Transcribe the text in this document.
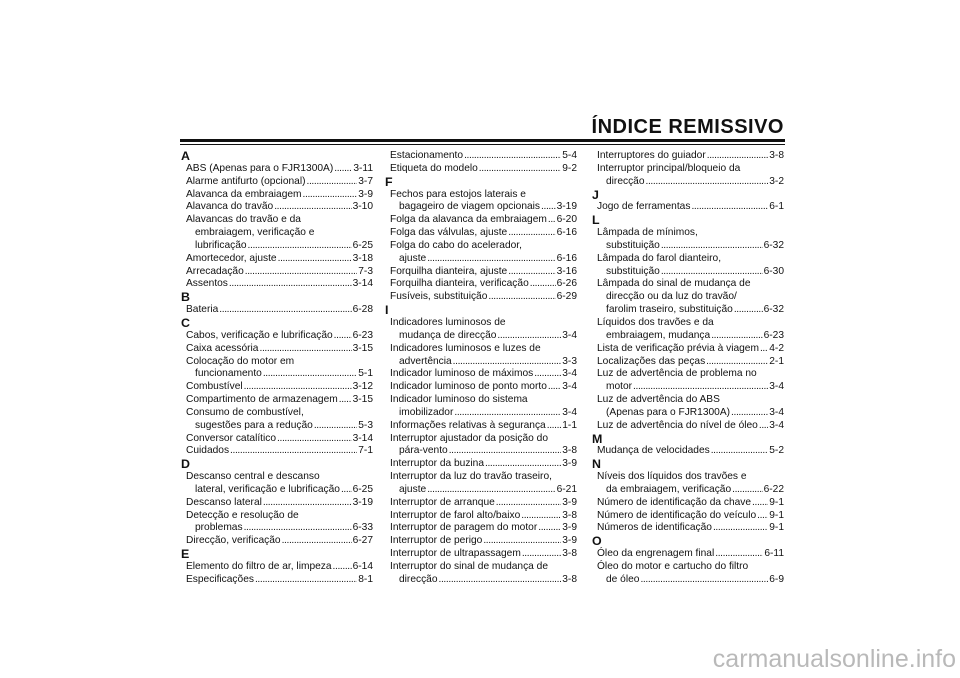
ÍNDICE REMISSIVO
A
ABS (Apenas para o FJR1300A) . . . 3-11
Alarme antifurto (opcional) . . .	3-7
Alavanca da embraiagem . . .	3-9
Alavanca do travão . . .	3-10
Alavancas do travão e da
embraiagem, verificação e
lubrificação . . .	6-25
Amortecedor, ajuste . . .	3-18
Arrecadação . . .	7-3
Assentos . . .	3-14
B
Bateria . . .	6-28
C
Cabos, verificação e lubrificação . . . 6-23
Caixa acessória . . .	3-15
Colocação do motor em
funcionamento . . .	5-1
Combustível . . .	3-12
Compartimento de armazenagem . . . 3-15
Consumo de combustível,
sugestões para a redução . . .	5-3
Conversor catalítico . . .	3-14
Cuidados . . .	7-1
D
Descanso central e descanso
lateral, verificação e lubrificação . . . 6-25
Descanso lateral . . .	3-19
Detecção e resolução de
problemas . . .	6-33
Direcção, verificação . . .	6-27
E
Elemento do filtro de ar, limpeza . . . 6-14
Especificações . . .	8-1
Estacionamento . . .	5-4
Etiqueta do modelo . . .	9-2
F
Fechos para estojos laterais e
bagageiro de viagem opcionais . . . 3-19
Folga da alavanca da embraiagem . . . 6-20
Folga das válvulas, ajuste . . .	6-16
Folga do cabo do acelerador,
ajuste . . .	6-16
Forquilha dianteira, ajuste . . .	3-16
Forquilha dianteira, verificação . . .	6-26
Fusíveis, substituição . . .	6-29
I
Indicadores luminosos de
mudança de direcção . . .	3-4
Indicadores luminosos e luzes de
advertência . . .	3-3
Indicador luminoso de máximos . . .	3-4
Indicador luminoso de ponto morto . . . 3-4
Indicador luminoso do sistema
imobilizador . . .	3-4
Informações relativas à segurança . . . 1-1
Interruptor ajustador da posição do
pára-vento . . .	3-8
Interruptor da buzina . . .	3-9
Interruptor da luz do travão traseiro,
ajuste . . .	6-21
Interruptor de arranque . . .	3-9
Interruptor de farol alto/baixo . . .	3-8
Interruptor de paragem do motor . . . 3-9
Interruptor de perigo . . .	3-9
Interruptor de ultrapassagem . . .	3-8
Interruptor do sinal de mudança de
direcção . . .	3-8
Interruptores do guiador . . .	3-8
Interruptor principal/bloqueio da
direcção . . .	3-2
J
Jogo de ferramentas . . .	6-1
L
Lâmpada de mínimos,
substituição . . .	6-32
Lâmpada do farol dianteiro,
substituição . . .	6-30
Lâmpada do sinal de mudança de
direcção ou da luz do travão/
farolim traseiro, substituição . . .	6-32
Líquidos dos travões e da
embraiagem, mudança . . .	6-23
Lista de verificação prévia à viagem . . . 4-2
Localizações das peças . . .	2-1
Luz de advertência de problema no
motor . . .	3-4
Luz de advertência do ABS
(Apenas para o FJR1300A) . . .	3-4
Luz de advertência do nível de óleo . . . 3-4
M
Mudança de velocidades . . .	5-2
N
Níveis dos líquidos dos travões e
da embraiagem, verificação . . .	6-22
Número de identificação da chave . . . 9-1
Número de identificação do veículo . . . 9-1
Números de identificação . . .	9-1
O
Óleo da engrenagem final . . .	6-11
Óleo do motor e cartucho do filtro
de óleo . . .	6-9
carmanualsonline.info
